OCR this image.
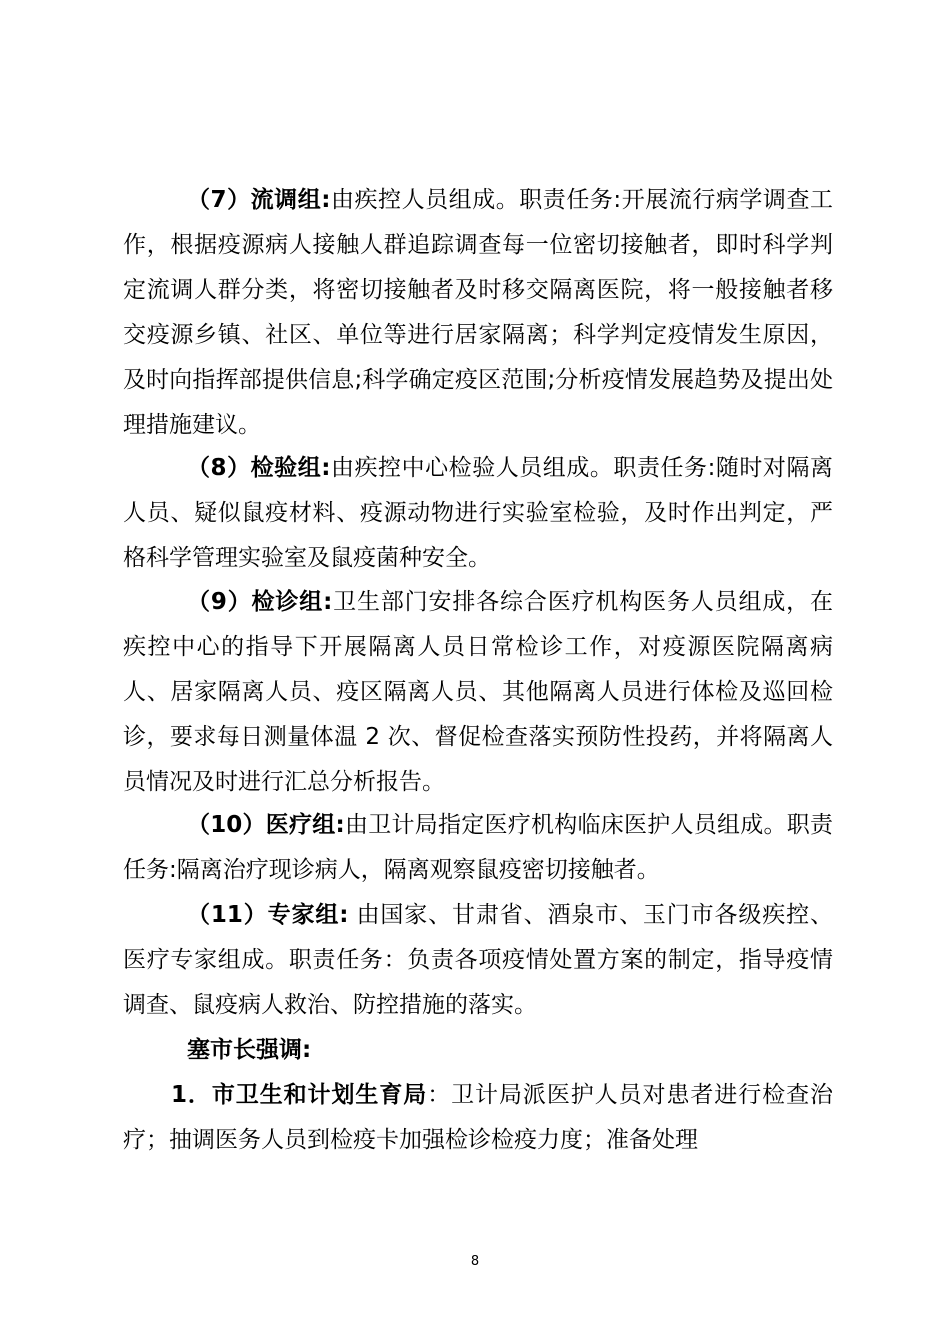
（7）流调组:由疾控人员组成。职责任务:开展流行病学调查工作，根据疫源病人接触人群追踪调查每一位密切接触者，即时科学判定流调人群分类，将密切接触者及时移交隔离医院，将一般接触者移交疫源乡镇、社区、单位等进行居家隔离；科学判定疫情发生原因，及时向指挥部提供信息;科学确定疫区范围;分析疫情发展趋势及提出处理措施建议。

（8）检验组:由疾控中心检验人员组成。职责任务:随时对隔离人员、疑似鼠疫材料、疫源动物进行实验室检验，及时作出判定，严格科学管理实验室及鼠疫菌种安全。

（9）检诊组:卫生部门安排各综合医疗机构医务人员组成，在疾控中心的指导下开展隔离人员日常检诊工作，对疫源医院隔离病人、居家隔离人员、疫区隔离人员、其他隔离人员进行体检及巡回检诊，要求每日测量体温 2 次、督促检查落实预防性投药，并将隔离人员情况及时进行汇总分析报告。

（10）医疗组:由卫计局指定医疗机构临床医护人员组成。职责任务:隔离治疗现诊病人，隔离观察鼠疫密切接触者。

（11）专家组: 由国家、甘肃省、酒泉市、玉门市各级疾控、医疗专家组成。职责任务：负责各项疫情处置方案的制定，指导疫情调查、鼠疫病人救治、防控措施的落实。

塞市长强调:

1．市卫生和计划生育局：卫计局派医护人员对患者进行检查治疗；抽调医务人员到检疫卡加强检诊检疫力度；准备处理

8
